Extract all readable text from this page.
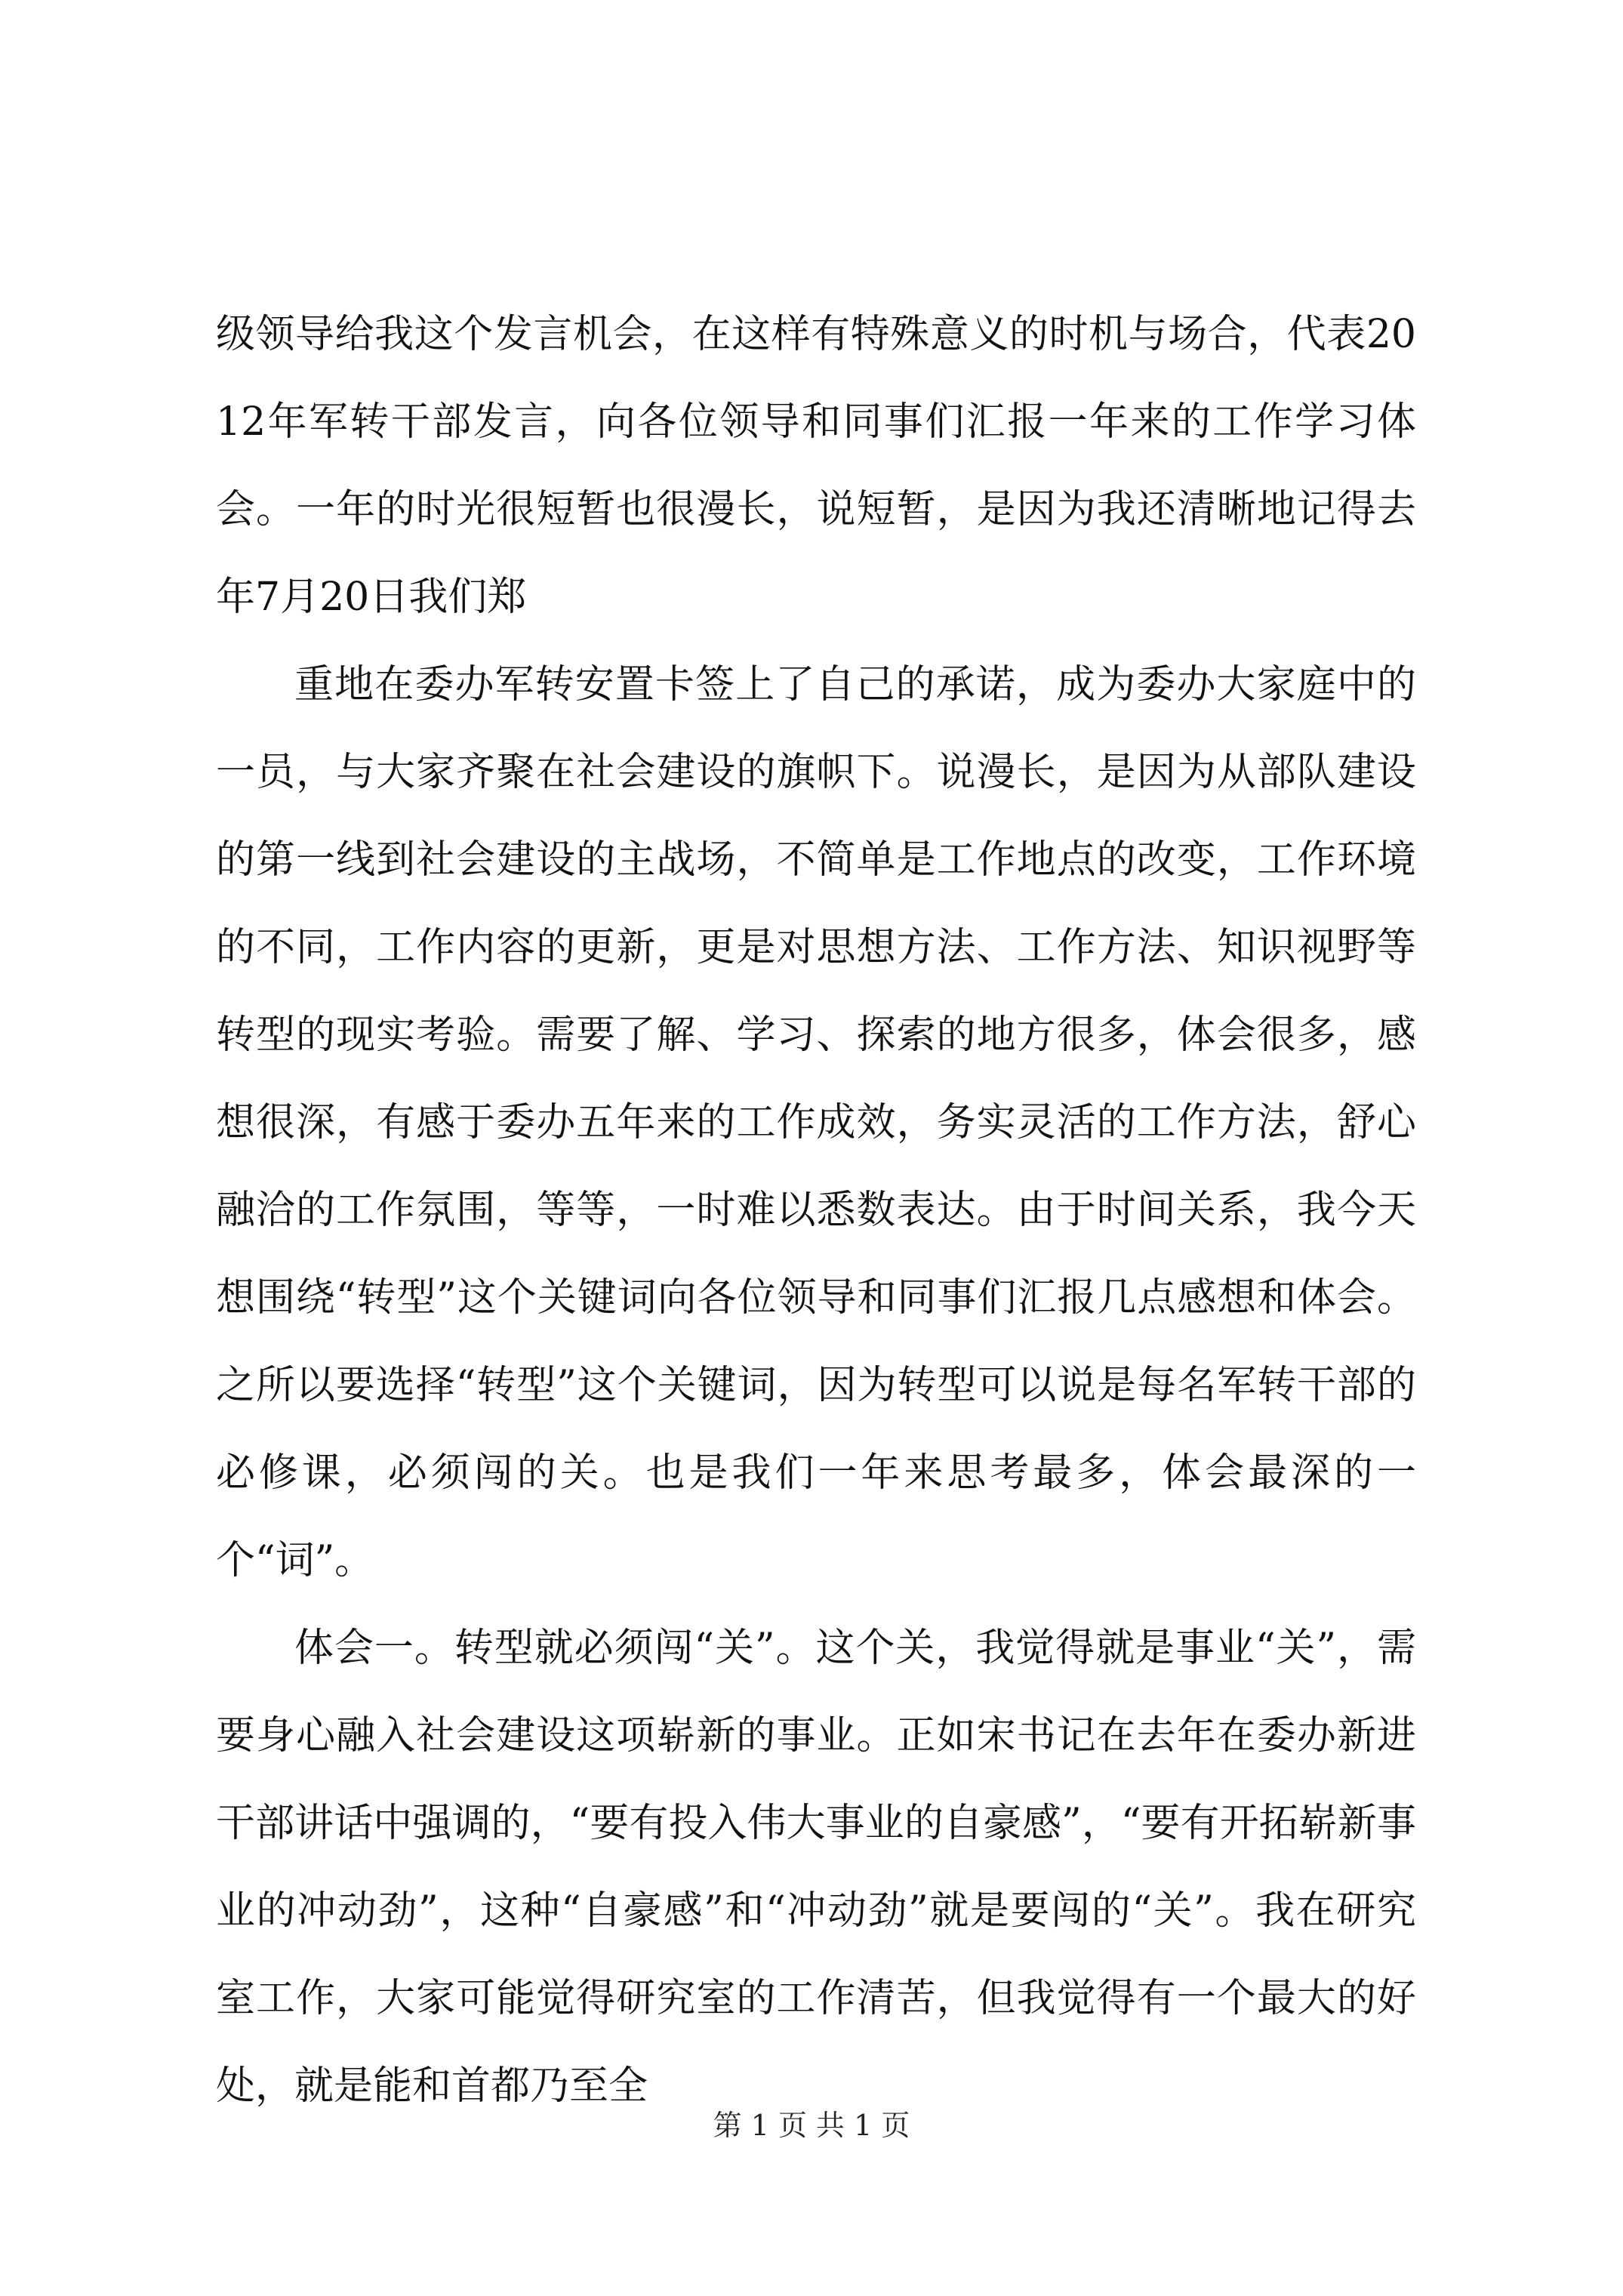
级领导给我这个发言机会，在这样有特殊意义的时机与场合，代表2012年军转干部发言，向各位领导和同事们汇报一年来的工作学习体会。一年的时光很短暂也很漫长，说短暂，是因为我还清晰地记得去年7月20日我们郑

重地在委办军转安置卡签上了自己的承诺，成为委办大家庭中的一员，与大家齐聚在社会建设的旗帜下。说漫长，是因为从部队建设的第一线到社会建设的主战场，不简单是工作地点的改变，工作环境的不同，工作内容的更新，更是对思想方法、工作方法、知识视野等转型的现实考验。需要了解、学习、探索的地方很多，体会很多，感想很深，有感于委办五年来的工作成效，务实灵活的工作方法，舒心融洽的工作氛围，等等，一时难以悉数表达。由于时间关系，我今天想围绕“转型”这个关键词向各位领导和同事们汇报几点感想和体会。之所以要选择“转型”这个关键词，因为转型可以说是每名军转干部的必修课，必须闯的关。也是我们一年来思考最多，体会最深的一个“词”。

体会一。转型就必须闯“关”。这个关，我觉得就是事业“关”，需要身心融入社会建设这项崭新的事业。正如宋书记在去年在委办新进干部讲话中强调的，“要有投入伟大事业的自豪感”，“要有开拓崭新事业的冲动劲”，这种“自豪感”和“冲动劲”就是要闯的“关”。我在研究室工作，大家可能觉得研究室的工作清苦，但我觉得有一个最大的好处，就是能和首都乃至全

第 1 页 共 1 页
